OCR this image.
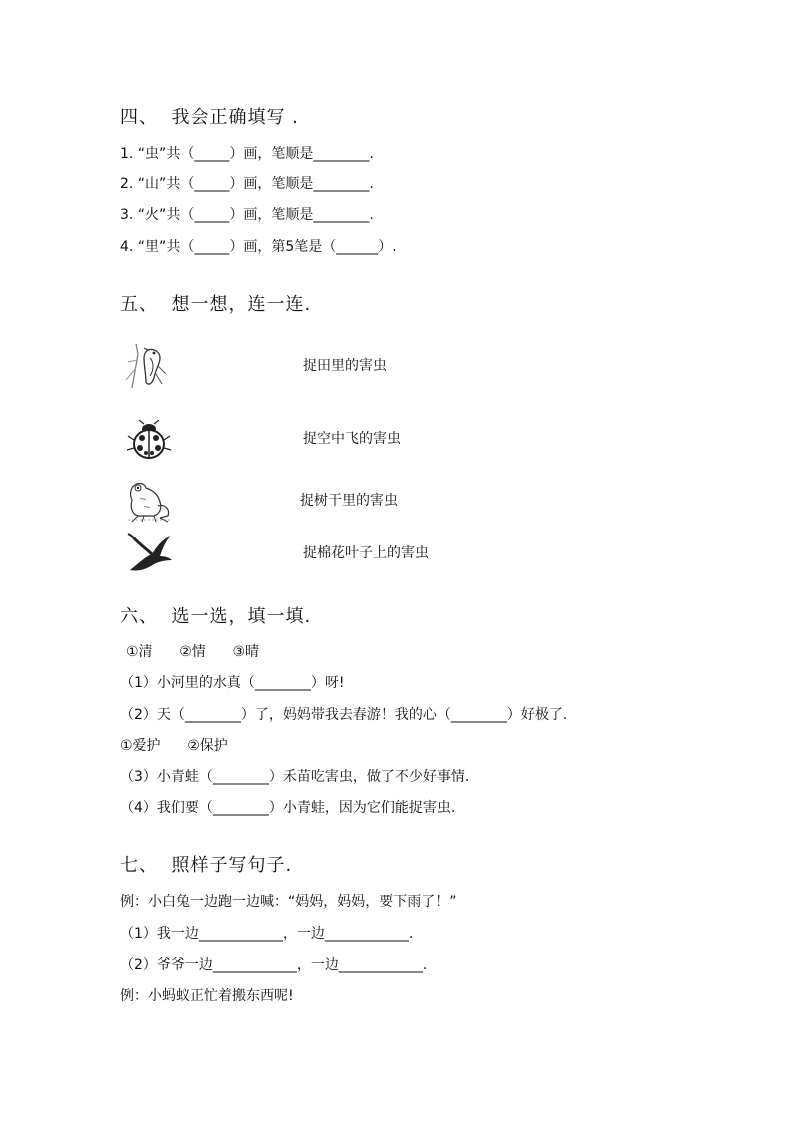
四、  我会正确填写 .
1. “虫”共（_____）画，笔顺是________.
2. “山”共（_____）画，笔顺是________.
3. “火”共（_____）画，笔顺是________.
4. “里”共（_____）画，第5笔是（______）.
五、  想一想，连一连.
捉田里的害虫
捉空中飞的害虫
捉树干里的害虫
捉棉花叶子上的害虫
六、  选一选，填一填.
①清      ②情      ③晴
（1）小河里的水真（________）呀!
（2）天（________）了，妈妈带我去春游！我的心（________）好极了.
①爱护      ②保护
（3）小青蛙（________）禾苗吃害虫，做了不少好事情.
（4）我们要（________）小青蛙，因为它们能捉害虫.
七、  照样子写句子.
例：小白兔一边跑一边喊：“妈妈，妈妈，要下雨了！”
（1）我一边____________，一边____________.
（2）爷爷一边____________，一边____________.
例：小蚂蚁正忙着搬东西呢!
